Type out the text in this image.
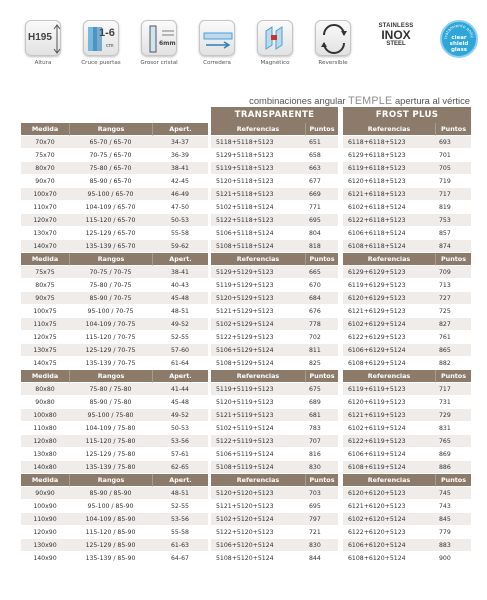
H195
Altura
1-6
cm
Cruce puertas
6mm
Grosor cristal	Corredera	Magnético	Reversible
STAINLESS
INOX
STEEL
tratamiento antic
clear shield glass
combinaciones angular TEMPLE apertura al vértice
Medida	Rangos	Apert.
70x70	65-70 / 65-70	34-37
75x70	70-75 / 65-70	36-39
80x70	75-80 / 65-70	38-41
90x70	85-90 / 65-70	42-45
100x70	95-100 / 65-70	46-49
110x70	104-109 / 65-70	47-50
120x70	115-120 / 65-70	50-53
130x70	125-129 / 65-70	55-58
140x70	135-139 / 65-70	59-62
Medida	Rangos	Apert.
75x75	70-75 / 70-75	38-41
80x75	75-80 / 70-75	40-43
90x75	85-90 / 70-75	45-48
100x75	95-100 / 70-75	48-51
110x75	104-109 / 70-75	49-52
120x75	115-120 / 70-75	52-55
130x75	125-129 / 70-75	57-60
140x75	135-139 / 70-75	61-64
Medida	Rangos	Apert.
80x80	75-80 / 75-80	41-44
90x80	85-90 / 75-80	45-48
100x80	95-100 / 75-80	49-52
110x80	104-109 / 75-80	50-53
120x80	115-120 / 75-80	53-56
130x80	125-129 / 75-80	57-61
140x80	135-139 / 75-80	62-65
Medida	Rangos	Apert.
90x90	85-90 / 85-90	48-51
100x90	95-100 / 85-90	52-55
110x90	104-109 / 85-90	53-56
120x90	115-120 / 85-90	55-58
130x90	125-129 / 85-90	61-63
140x90	135-139 / 85-90	64-67
TRANSPARENTE
Referencias	Puntos
5118+5118+5123	651
5129+5118+5123	658
5119+5118+5123	663
5120+5118+5123	677
5121+5118+5123	669
5102+5118+5124	771
5122+5118+5123	695
5106+5118+5124	804
5108+5118+5124	818
Referencias	Puntos
5129+5129+5123	665
5119+5129+5123	670
5120+5129+5123	684
5121+5129+5123	676
5102+5129+5124	778
5122+5129+5123	702
5106+5129+5124	811
5108+5129+5124	825
Referencias	Puntos
5119+5119+5123	675
5120+5119+5123	689
5121+5119+5123	681
5102+5119+5124	783
5122+5119+5123	707
5106+5119+5124	816
5108+5119+5124	830
Referencias	Puntos
5120+5120+5123	703
5121+5120+5123	695
5102+5120+5124	797
5122+5120+5123	721
5106+5120+5124	830
5108+5120+5124	844
FROST PLUS
Referencias	Puntos
6118+6118+5123	693
6129+6118+5123	701
6119+6118+5123	705
6120+6118+5123	719
6121+6118+5123	717
6102+6118+5124	819
6122+6118+5123	753
6106+6118+5124	857
6108+6118+5124	874
Referencias	Puntos
6129+6129+5123	709
6119+6129+5123	713
6120+6129+5123	727
6121+6129+5123	725
6102+6129+5124	827
6122+6129+5123	761
6106+6129+5124	865
6108+6129+5124	882
Referencias	Puntos
6119+6119+5123	717
6120+6119+5123	731
6121+6119+5123	729
6102+6119+5124	831
6122+6119+5123	765
6106+6119+5124	869
6108+6119+5124	886
Referencias	Puntos
6120+6120+5123	745
6121+6120+5123	743
6102+6120+5124	845
6122+6120+5123	779
6106+6120+5124	883
6108+6120+5124	900
